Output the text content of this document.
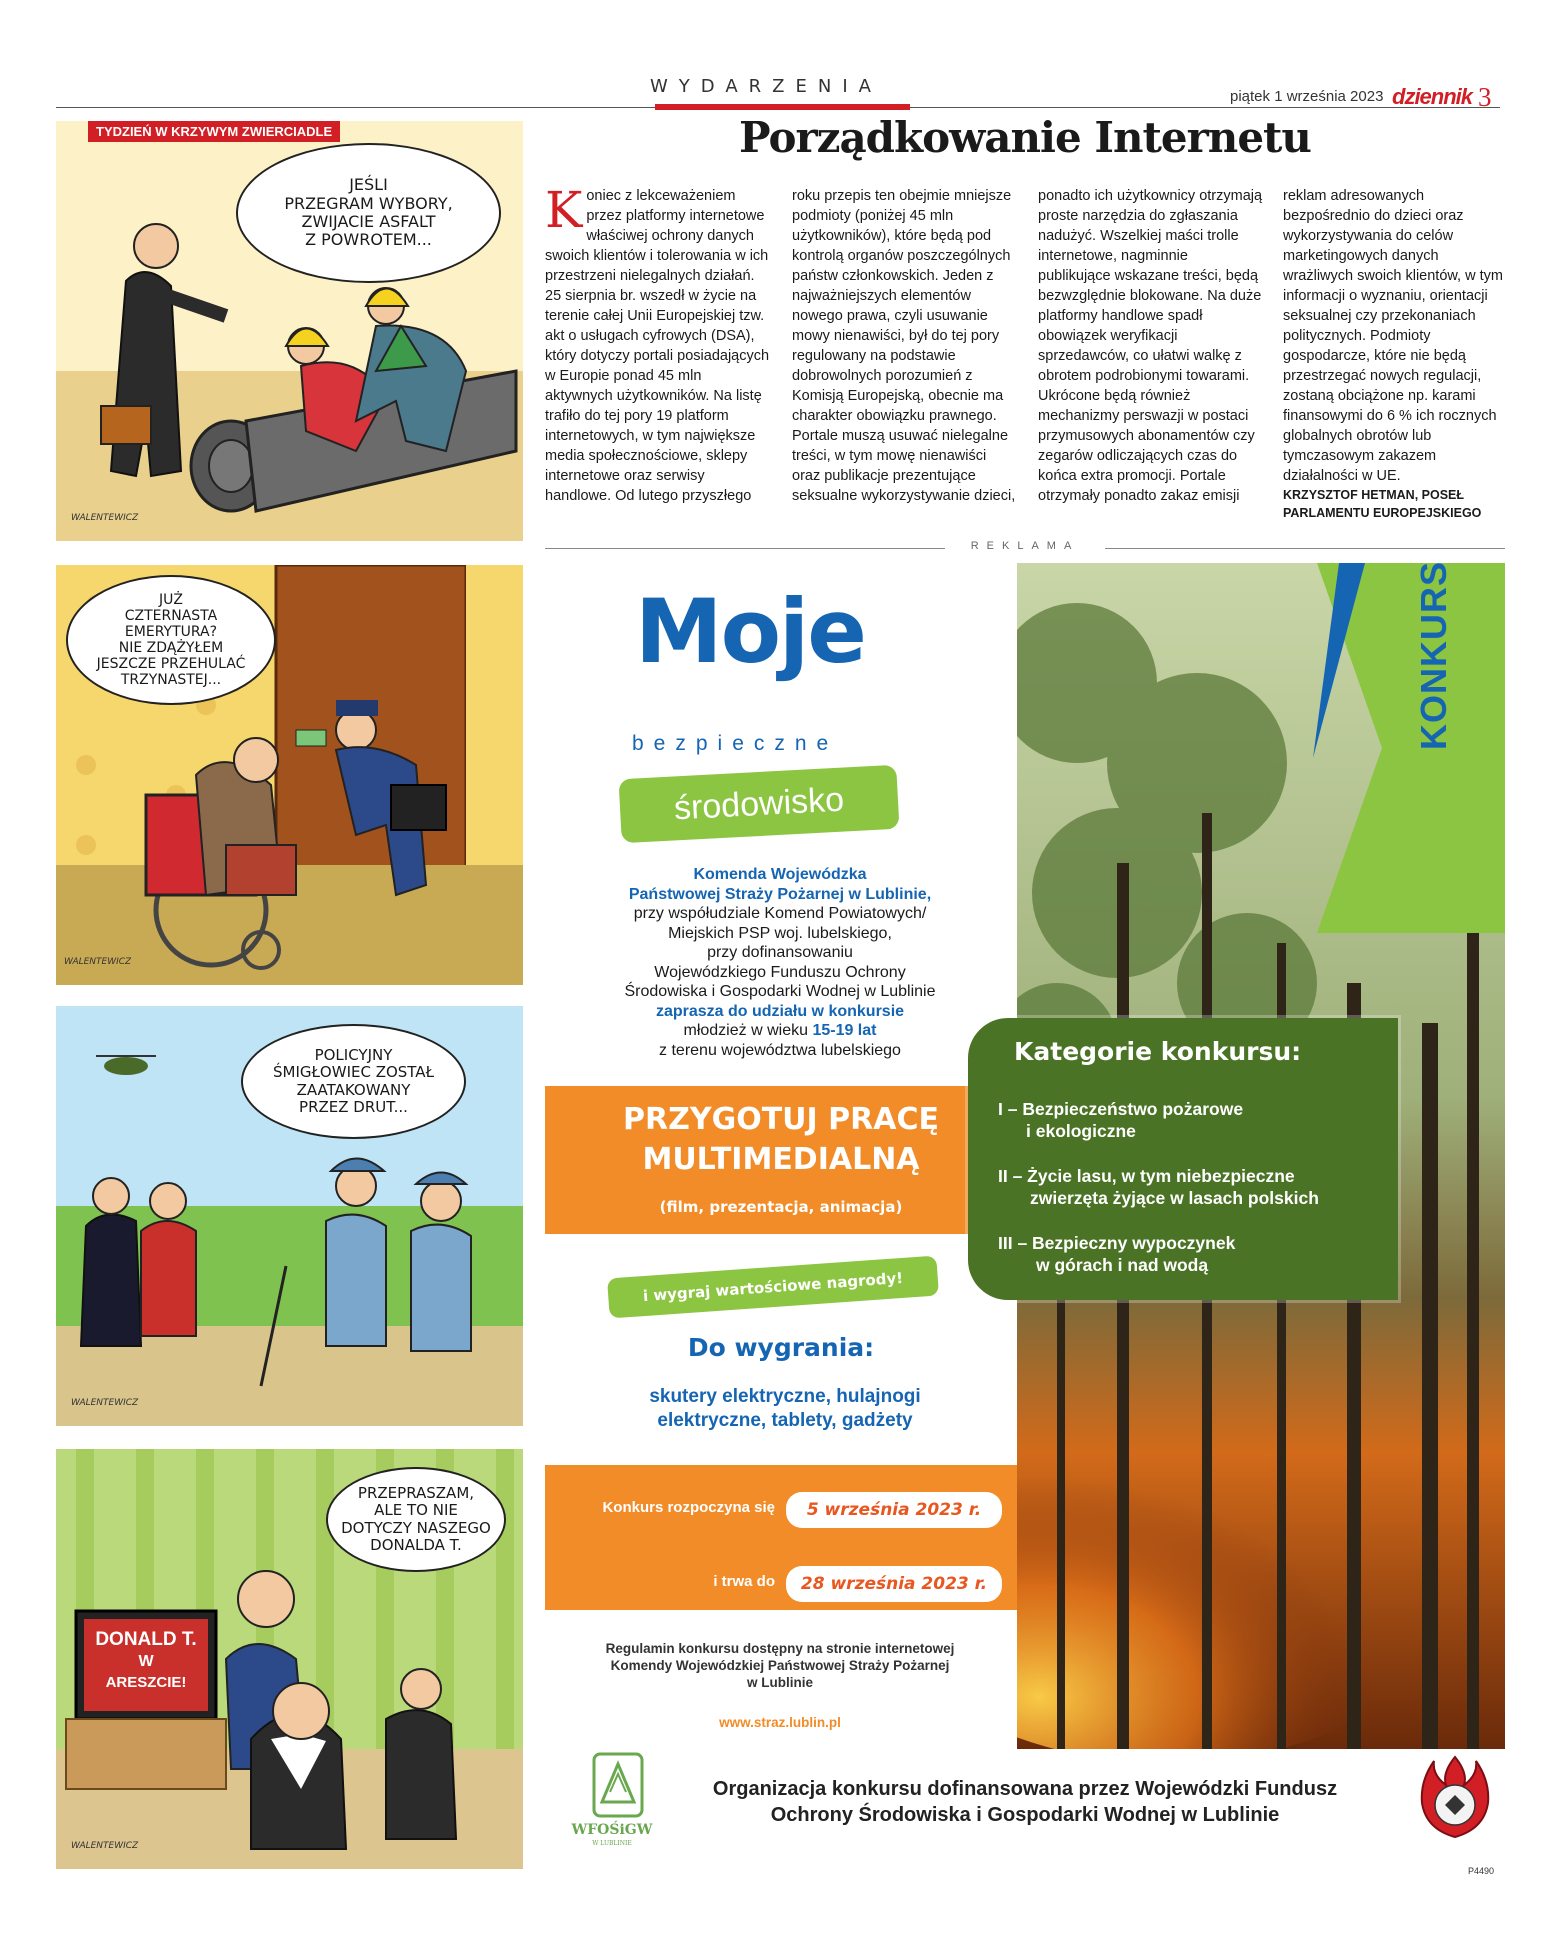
WYDARZENIA	piątek 1 września 2023 dziennik 3
TYDZIEŃ W KRZYWYM ZWIERCIADLE
JEŚLI
PRZEGRAM WYBORY,
ZWIJACIE ASFALT
Z POWROTEM...
WALENTEWICZ
JUŻ
CZTERNASTA
EMERYTURA?
NIE ZDĄŻYŁEM
JESZCZE PRZEHULAĆ
TRZYNASTEJ...
WALENTEWICZ
POLICYJNY
ŚMIGŁOWIEC ZOSTAŁ
ZAATAKOWANY
PRZEZ DRUT...
WALENTEWICZ
DONALD T.
W
ARESZCIE!
PRZEPRASZAM,
ALE TO NIE
DOTYCZY NASZEGO
DONALDA T.
WALENTEWICZ
Porządkowanie Internetu
Koniec z lekceważeniem przez platformy internetowe właściwej ochrony danych swoich klientów i tolerowania w ich przestrzeni nielegalnych działań. 25 sierpnia br. wszedł w życie na terenie całej Unii Europejskiej tzw. akt o usługach cyfrowych (DSA), który dotyczy portali posiadających w Europie ponad 45 mln aktywnych użytkowników. Na listę trafiło do tej pory 19 platform internetowych, w tym największe media społecznościowe, sklepy internetowe oraz serwisy handlowe. Od lutego przyszłego
roku przepis ten obejmie mniejsze podmioty (poniżej 45 mln użytkowników), które będą pod kontrolą organów poszczególnych państw członkowskich. Jeden z najważniejszych elementów nowego prawa, czyli usuwanie mowy nienawiści, był do tej pory regulowany na podstawie dobrowolnych porozumień z Komisją Europejską, obecnie ma charakter obowiązku prawnego. Portale muszą usuwać nielegalne treści, w tym mowę nienawiści oraz publikacje prezentujące seksualne wykorzystywanie dzieci,
ponadto ich użytkownicy otrzymają proste narzędzia do zgłaszania nadużyć. Wszelkiej maści trolle internetowe, nagminnie publikujące wskazane treści, będą bezwzględnie blokowane. Na duże platformy handlowe spadł obowiązek weryfikacji sprzedawców, co ułatwi walkę z obrotem podrobionymi towarami. Ukrócone będą również mechanizmy perswazji w postaci przymusowych abonamentów czy zegarów odliczających czas do końca extra promocji. Portale otrzymały ponadto zakaz emisji
reklam adresowanych bezpośrednio do dzieci oraz wykorzystywania do celów marketingowych danych wrażliwych swoich klientów, w tym informacji o wyznaniu, orientacji seksualnej czy przekonaniach politycznych. Podmioty gospodarcze, które nie będą przestrzegać nowych regulacji, zostaną obciążone np. karami finansowymi do 6 % ich rocznych globalnych obrotów lub tymczasowym zakazem działalności w UE.
KRZYSZTOF HETMAN, POSEŁ PARLAMENTU EUROPEJSKIEGO
REKLAMA
Moje
bezpieczne
środowisko
Komenda Wojewódzka
Państwowej Straży Pożarnej w Lublinie,
przy współudziale Komend Powiatowych/
Miejskich PSP woj. lubelskiego,
przy dofinansowaniu
Wojewódzkiego Funduszu Ochrony
Środowiska i Gospodarki Wodnej w Lublinie
zaprasza do udziału w konkursie
młodzież w wieku 15-19 lat
z terenu województwa lubelskiego
PRZYGOTUJ PRACĘ
MULTIMEDIALNĄ
(film, prezentacja, animacja)
i wygraj wartościowe nagrody!
Do wygrania:
skutery elektryczne, hulajnogi
elektryczne, tablety, gadżety
Konkurs rozpoczyna się	5 września 2023 r.
i trwa do	28 września 2023 r.
Regulamin konkursu dostępny na stronie internetowej
Komendy Wojewódzkiej Państwowej Straży Pożarnej
w Lublinie
www.straz.lublin.pl
KONKURS
Kategorie konkursu:
I – Bezpieczeństwo pożarowe
i ekologiczne
II – Życie lasu, w tym niebezpieczne
zwierzęta żyjące w lasach polskich
III – Bezpieczny wypoczynek
w górach i nad wodą
WFOŚiGW
W LUBLINIE
Organizacja konkursu dofinansowana przez Wojewódzki Fundusz
Ochrony Środowiska i Gospodarki Wodnej w Lublinie
P4490
